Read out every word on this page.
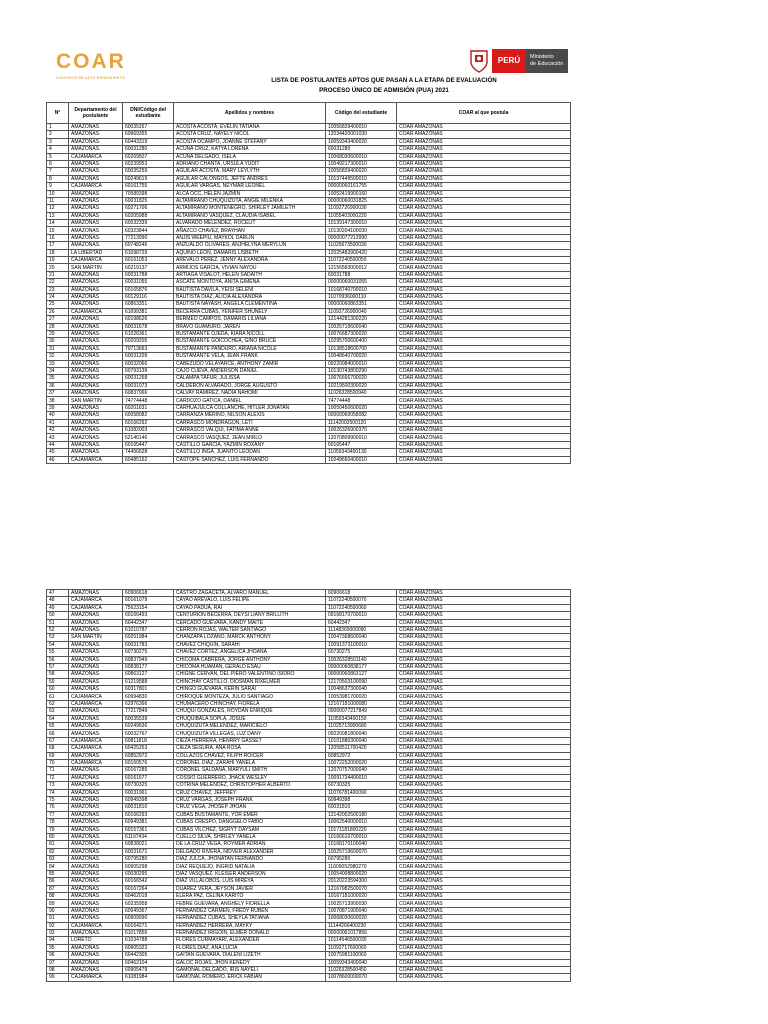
COAR
COLEGIOS DE ALTO RENDIMIENTO
PERÚ	Ministerio
de Educación
LISTA DE POSTULANTES APTOS QUE PASAN A LA ETAPA DE EVALUACIÓN
PROCESO ÚNICO DE ADMISIÓN (PUA) 2021
N°	Departamento del postulante	DNI/Código del estudiante	Apellidos y nombres	Código del estudiante	COAR al que postula
1	AMAZONAS	60035267	ACOSTA ACOSTA, EVELIN TATIANA	10056839400010	COAR AMAZONAS
2	AMAZONAS	60969355	ACOSTA CRUZ, NAYELY NICOL	12034420001030	COAR AMAZONAS
3	AMAZONAS	60443319	ACOSTA OCAMPO, JOANNE STEFANY	10059343400020	COAR AMAZONAS
4	AMAZONAS	60031280	ACUÑA CRUZ, KATYA LORENA	60031280	COAR AMAZONAS
5	CAJAMARCA	60269507	ACUÑA DELGADO, ISELA	10068030600010	COAR AMAZONAS
6	AMAZONAS	60239953	ADRIANO CHANTA, URSULA YUDIT	10049217300010	COAR AMAZONAS
7	AMAZONAS	60035259	AGUILAR ACOSTA, MARY LEYLYTH	10056839400020	COAR AMAZONAS
8	AMAZONAS	60249619	AGUILAR CALONGOS, JEFTE ANDRES	10137449500010	COAR AMAZONAS
9	CAJAMARCA	60161755	AGUILAR VARGAS, NEYMAR LEONEL	00000060161755	COAR AMAZONAS
10	AMAZONAS	70589398	ALCA OCC, HELEN JAZMIN	10052419900160	COAR AMAZONAS
11	AMAZONAS	60031825	ALTAMIRANO CHUQUIZUTA, ANGIE MILENKA	00000060031825	COAR AMAZONAS
12	AMAZONAS	60271706	ALTAMIRANO MONTENEGRO, SHIRLEY JAMILETH	11092726900030	COAR AMAZONAS
13	AMAZONAS	60205988	ALTAMIRANO VASQUEZ, CLAUDIA ISABEL	11055403000220	COAR AMAZONAS
14	AMAZONAS	60032339	ALVARADO MELENDEZ, ROCELIT	10139147300010	COAR AMAZONAS
15	AMAZONAS	60323844	AÑAZCO CHAVEZ, BRAYHAN	10130204100030	COAR AMAZONAS
16	AMAZONAS	77213990	ANJIS WEEPIU, MAYKOL DARLIN	00000077213990	COAR AMAZONAS
17	AMAZONAS	60748246	ANZUALDO OLIVARES, ANJHELYNA MERYLUN	11025673500030	COAR AMAZONAS
18	LA LIBERTAD	61098729	AQUINO LEON, DAMARIS LISBETH	12025483900420	COAR AMAZONAS
19	CAJAMARCA	60161053	AREVALO PEREZ, JENNY ALEXANDRA	11072240500050	COAR AMAZONAS
20	SAN MARTIN	60219137	ARMIJOS GARCIA, VIVIAN NAYDU	12156583000012	COAR AMAZONAS
21	AMAZONAS	60031788	ARTIAGA VISALOT, HELEN SADAITH	60031788	COAR AMAZONAS
22	AMAZONAS	60031055	ASCATE MONTOYA, ANITA GIMENA	00000060031055	COAR AMAZONAS
23	AMAZONAS	60165876	BAUTISTA DAVILA, YEISI SELENI	10168740700010	COAR AMAZONAS
24	AMAZONAS	60129116	BAUTISTA DIAZ, ALICIA ALEXANDRA	11070936000110	COAR AMAZONAS
25	AMAZONAS	60863351	BAUTISTA NAYASH, ANGELA CLEMENTINA	00000060863351	COAR AMAZONAS
26	CAJAMARCA	61699381	BECERRA CUBAS, YENIFER SHUNELY	11092726900040	COAR AMAZONAS
27	AMAZONAS	60198626	BERMEO CAMPOS, DAMARIS LILIANA	12144281300220	COAR AMAZONAS
28	AMAZONAS	60031678	BRAVO GUAMURO, JAREN	10025719600040	COAR AMAZONAS
29	AMAZONAS	61026361	BUSTAMANTE OJEDA, KIARA NICOLL	10076687300020	COAR AMAZONAS
30	AMAZONAS	60209205	BUSTAMANTE GOICOCHEA, GINO BRUCE	10295700600400	COAR AMAZONAS
31	AMAZONAS	70713663	BUSTAMANTE PANDURO, ARIANA NICOLE	10138518600700	COAR AMAZONAS
32	AMAZONAS	60031209	BUSTAMANTE VELA, JEAN FRANK	10048640700020	COAR AMAZONAS
33	AMAZONAS	60032066	CABEZUDO VELAYARCE, ANTHONY ZAMIR	09220084000010	COAR AMAZONAS
34	AMAZONAS	60793139	CAJO CUEVA, ANDERSON DANIEL	10130743800290	COAR AMAZONAS
35	AMAZONAS	60031268	CALAMPA TAFUR, JULISSA	10076666700020	COAR AMAZONAS
36	AMAZONAS	60031073	CALDERON ALVARADO, JORGE AUGUSTO	10219500300020	COAR AMAZONAS
37	AMAZONAS	60837966	CALVAY RAMIREZ, NADIA NAHOMI	11026328500940	COAR AMAZONAS
38	SAN MARTIN	74774448	CARDOZO GATICA, DANIEL	74774448	COAR AMAZONAS
39	AMAZONAS	60201631	CARHUAJULCA COLLANCHE, HITLER JONATAN	10050450600020	COAR AMAZONAS
40	AMAZONAS	60058082	CARRANZA MERINO, NILSON ALEXIS	00000060058082	COAR AMAZONAS
41	AMAZONAS	60166292	CARRASCO MONDRAGON, LETI	11142002500120	COAR AMAZONAS
42	AMAZONAS	61082003	CARRASCO VALQUI, FATIMA ANNE	10026326900370	COAR AMAZONAS
43	AMAZONAS	62146146	CARRASCO VASQUEZ, JEAN MIRLO	12070809900010	COAR AMAZONAS
44	AMAZONAS	60165447	CASTILLO GARCIA, YAZMIN ROXANY	60165447	COAR AMAZONAS
45	AMAZONAS	74456628	CASTILLO INGA, JUANITO LEODAN	11059343400130	COAR AMAZONAS
46	CAJAMARCA	60485162	CASTOPE SANCHEZ, LUIS FERNANDO	10249660400010	COAR AMAZONAS
47	AMAZONAS	60906618	CASTRO ZAGACETA, ALVARO MANUEL	60906618	COAR AMAZONAS
48	CAJAMARCA	60161079	CAYAO AREVALO, LUIS FELIPE	11072240500070	COAR AMAZONAS
49	CAJAMARCA	75623154	CAYAO PADUA, RAI	11072240500060	COAR AMAZONAS
50	AMAZONAS	60166493	CENTURION BECERRA, DEYSI LIANY BRILLITH	09168170700010	COAR AMAZONAS
51	AMAZONAS	60442347	CERCADO GUEVARA, KANDY MAITE	60442347	COAR AMAZONAS
52	AMAZONAS	61010787	CERRON ROJAS, WALTER SANTIAGO	11148365000090	COAR AMAZONAS
53	SAN MARTIN	60251984	CHANZAPA LOZANO, MARCK ANTHONY	10047368600040	COAR AMAZONAS
54	AMAZONAS	60031783	CHAVEZ CHIQUIN, SARAHI	10091373100010	COAR AMAZONAS
55	AMAZONAS	60730275	CHAVEZ CORTEZ, ANGELICA JHOANA	60730275	COAR AMAZONAS
56	AMAZONAS	60837949	CHICOMA CABRERA, JORGE ANTHONY	10026328501140	COAR AMAZONAS
57	AMAZONAS	60838177	CHICOMA HUAMAN, GERALD ESAU	00000060838177	COAR AMAZONAS
58	AMAZONAS	60863127	CHIGNE CERVAN, DEL PIERO VALENTINO ISIDRO	00000060863127	COAR AMAZONAS
59	AMAZONAS	61219588	CHINCHAY CASTILLO, DIOSMAN RIXELMER	12170503100090	COAR AMAZONAS
60	AMAZONAS	60317801	CHINGO GUEVARA, KERIN SARAI	10048637300040	COAR AMAZONAS
61	CAJAMARCA	60994830	CHIROQUE MONTEZA, JULIO SANTIAGO	10053981700020	COAR AMAZONAS
62	CAJAMARCA	62976366	CHUMACERO CHINCHAY, FIORELA	12167181000080	COAR AMAZONAS
63	AMAZONAS	77217849	CHUQUI GONZALES, ROYDAN ENRIQUE	00000077217849	COAR AMAZONAS
64	AMAZONAS	60035539	CHUQUIBALA SOPLA, JOSUE	11059343400150	COAR AMAZONAS
65	AMAZONAS	60249636	CHUQUIZUTA MELENDEZ, MARICIELO	11025713900680	COAR AMAZONAS
66	AMAZONAS	60032767	CHUQUIZUTA VILLEGAS, LUZ DANY	09220081800040	COAR AMAZONAS
67	CAJAMARCA	60811818	CIEZA HERRERA, HENRRY GASSET	10101880300040	COAR AMAZONAS
68	CAJAMARCA	60425263	CIEZA SEGURA, ANA ROSA	12058511700420	COAR AMAZONAS
69	AMAZONAS	60852972	COLLAZOS CHAVEZ, FILIPH ROICER	60852972	COAR AMAZONAS
70	CAJAMARCA	60160576	CORONEL DIAZ, ZARAHI YANELA	10072252000020	COAR AMAZONAS
71	AMAZONAS	60167285	CORONEL SALDAÑA, MARYULI SMITH	12070757000040	COAR AMAZONAS
72	AMAZONAS	60161677	COSSIO GUERRERO, JHACK WESLEY	10091734400010	COAR AMAZONAS
73	AMAZONAS	60730325	COTRINA MELENDEZ, CHRISTOPHER ALBERTO	60730325	COAR AMAZONAS
74	AMAZONAS	60031961	CRUZ CHAVEZ, JEFFREY	11076781400090	COAR AMAZONAS
75	AMAZONAS	60949398	CRUZ VARGAS, JOSEPH FRANK	60949398	COAR AMAZONAS
76	AMAZONAS	60031810	CRUZ VEGA, JHOSEP JHOAN	60031810	COAR AMAZONAS
77	AMAZONAS	60166293	CUBAS BUSTAMANTE, YOR EMER	12142002500180	COAR AMAZONAS
78	AMAZONAS	60949381	CUBAS CRESPO, DANGGELO FABIO	10062540000010	COAR AMAZONAS
79	AMAZONAS	60157361	CUBAS VILCHEZ, SIGRYT DAYSAM	10171181800220	COAR AMAZONAS
80	AMAZONAS	61197434	CUELLO SILVA, SHIRLEY YANELA	10166610700010	COAR AMAZONAS
81	AMAZONAS	60838021	DE LA CRUZ VEGA, ROYMER ADRIAN	10168170100040	COAR AMAZONAS
82	AMAZONAS	60031671	DELGADO RIVERA, NIDVER ALEXANDER	10025719600070	COAR AMAZONAS
83	AMAZONAS	60795280	DIAZ JULCA, JHONATAN FERNANDO	60795280	COAR AMAZONAS
84	AMAZONAS	60905298	DIAZ REQUEJO, INGRID NATALIA	11609052980270	COAR AMAZONAS
85	AMAZONAS	60030295	DIAZ VASQUEZ, KLEISER ANDERSON	10054008800020	COAR AMAZONAS
86	AMAZONAS	60166542	DIAZ VILLALOBOS, LUIS MIREYA	20120223594300	COAR AMAZONAS
87	AMAZONAS	60167264	DUAREZ VERA, JEYSON JAVIER	12167982500070	COAR AMAZONAS
88	AMAZONAS	60462018	ELERA PAZ, CELINA KARITO	10167181000020	COAR AMAZONAS
89	AMAZONAS	60235958	FEBRE GUEVARA, ANGHELY FIORELLA	10025713900030	COAR AMAZONAS
90	AMAZONAS	60949367	FERNANDEZ CARMEN, FREDY RUBEN	10070871900040	COAR AMAZONAS
91	AMAZONAS	60909990	FERNANDEZ CUBAS, SHEYLA TATIANA	10068030600020	COAR AMAZONAS
92	CAJAMARCA	60164271	FERNANDEZ HERRERA, MAYKY	11144266400230	COAR AMAZONAS
93	AMAZONAS	61017856	FERNANDEZ IRIGOIN, ELMER DONALD	00000061017856	COAR AMAZONAS
94	LORETO	61034788	FLORES CURMAYARI, ALEXANDER	10114546500030	COAR AMAZONAS
95	AMAZONAS	60905323	FLORES DIAZ, ANA LUCIA	11092717600060	COAR AMAZONAS
96	AMAZONAS	60442305	GAITAN GUEVARA, DIALENI LIZETH	10075981100060	COAR AMAZONAS
97	AMAZONAS	60462104	GALOC ROJAS, JHON KENEDY	10059343400040	COAR AMAZONAS
98	AMAZONAS	60905479	GAMONAL DELGADO, IRIS NAYELI	11026328500450	COAR AMAZONAS
99	CAJAMARCA	61081984	GAMONAL ROMERO, ERICK FABIAN	10078600000070	COAR AMAZONAS
